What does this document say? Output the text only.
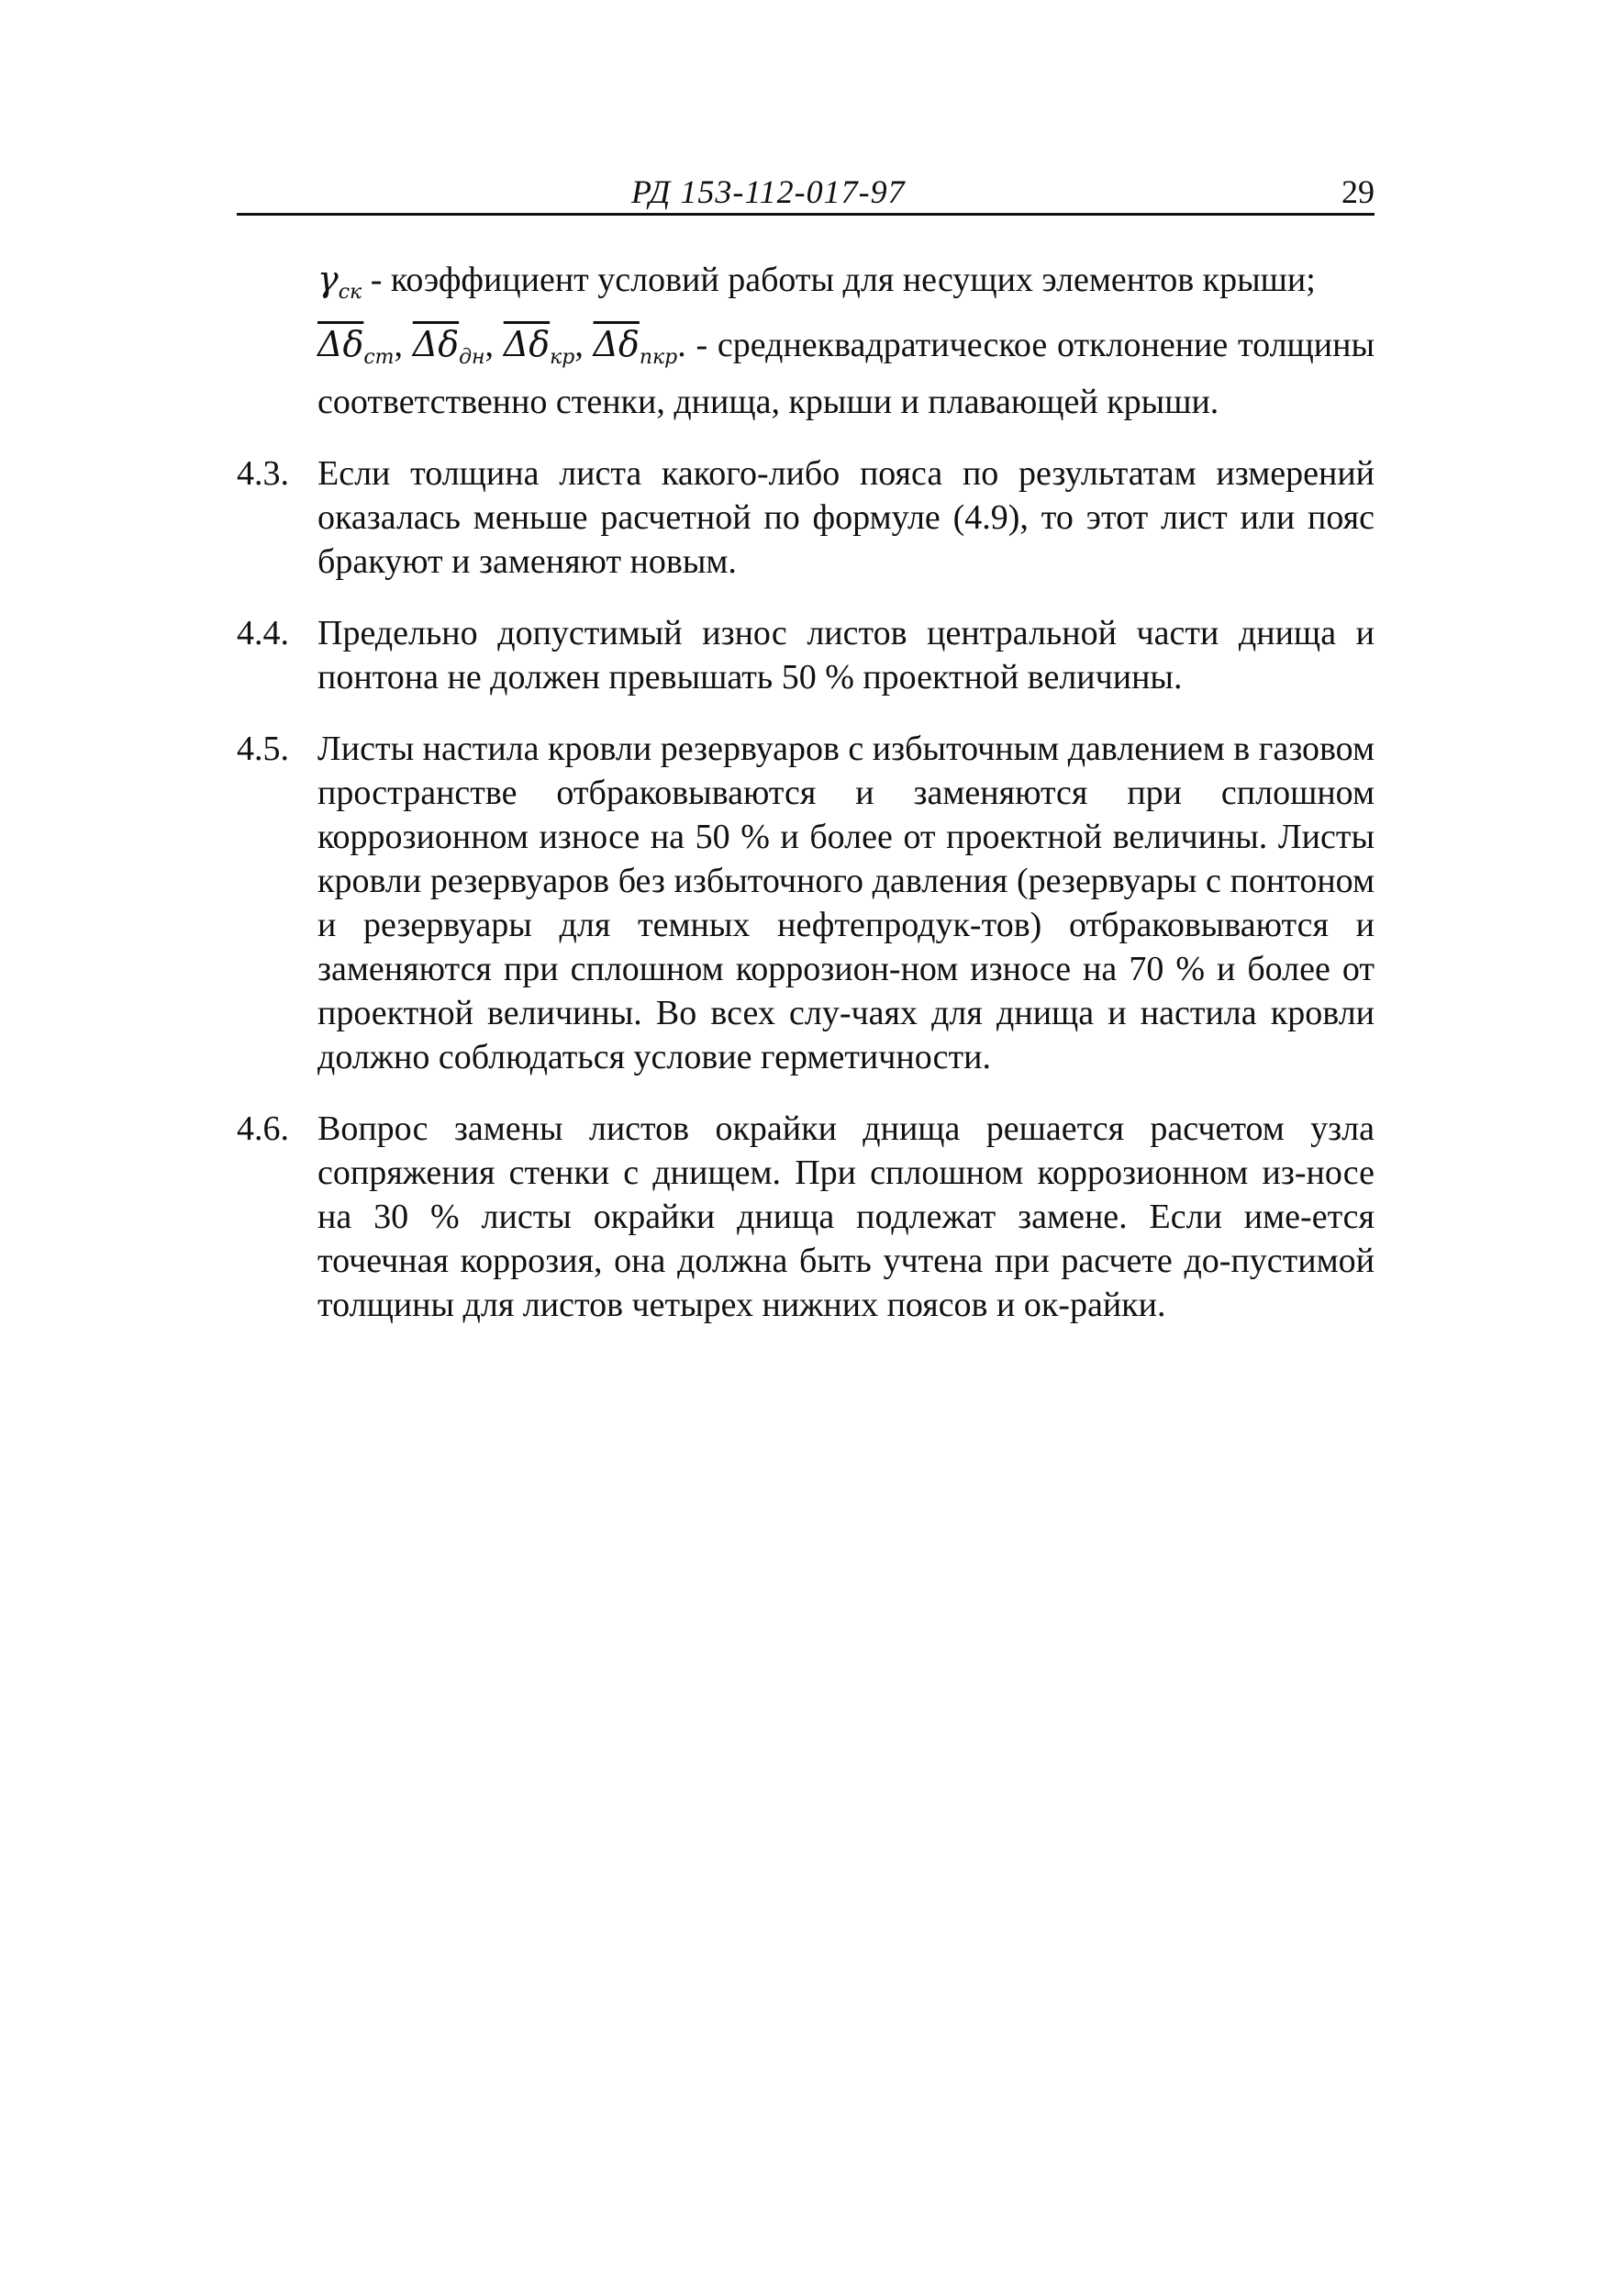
РД 153-112-017-97	29

$\gamma_{ск}$ - коэффициент условий работы для несущих элементов крыши;

$\overline{\Delta\delta}_{ст}$, $\overline{\Delta\delta}_{дн}$, $\overline{\Delta\delta}_{кр}$, $\overline{\Delta\delta}_{пкр}$. - среднеквадратическое отклонение толщины соответственно стенки, днища, крыши и плавающей крыши.

4.3. Если толщина листа какого-либо пояса по результатам измерений оказалась меньше расчетной по формуле (4.9), то этот лист или пояс бракуют и заменяют новым.
4.4. Предельно допустимый износ листов центральной части днища и понтона не должен превышать 50 % проектной величины.
4.5. Листы настила кровли резервуаров с избыточным давлением в газовом пространстве отбраковываются и заменяются при сплошном коррозионном износе на 50 % и более от проектной величины. Листы кровли резервуаров без избыточного давления (резервуары с понтоном и резервуары для темных нефтепродук-тов) отбраковываются и заменяются при сплошном коррозион-ном износе на 70 % и более от проектной величины. Во всех слу-чаях для днища и настила кровли должно соблюдаться условие герметичности.
4.6. Вопрос замены листов окрайки днища решается расчетом узла сопряжения стенки с днищем. При сплошном коррозионном из-носе на 30 % листы окрайки днища подлежат замене. Если име-ется точечная коррозия, она должна быть учтена при расчете до-пустимой толщины для листов четырех нижних поясов и ок-райки.
